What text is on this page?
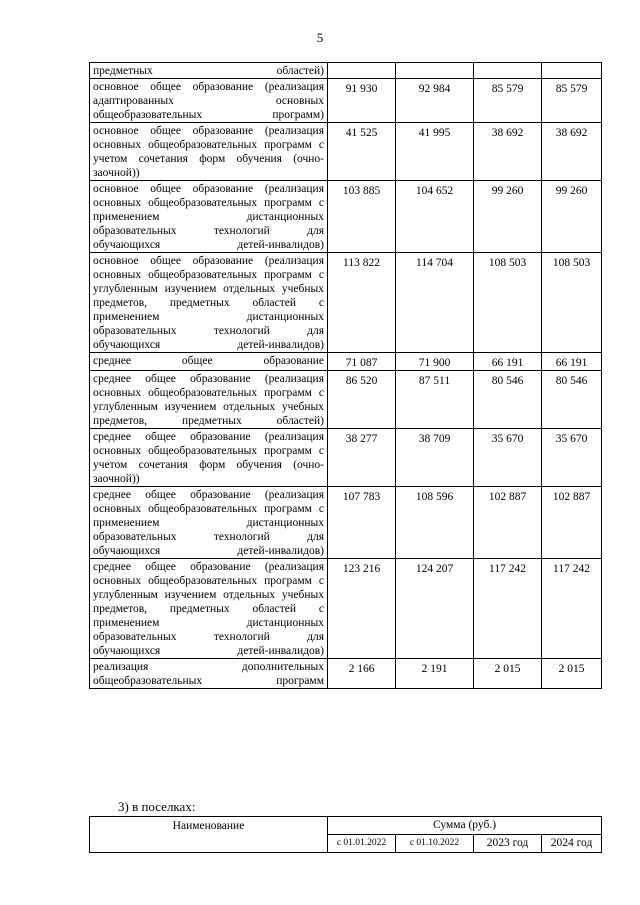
5
предметных областей)				
основное общее образование (реализация адаптированных основных общеобразовательных программ)	91 930	92 984	85 579	85 579
основное общее образование (реализация основных общеобразовательных программ с учетом сочетания форм обучения (очно-заочной))	41 525	41 995	38 692	38 692
основное общее образование (реализация основных общеобразовательных программ с применением дистанционных образовательных технологий для обучающихся детей-инвалидов)	103 885	104 652	99 260	99 260
основное общее образование (реализация основных общеобразовательных программ с углубленным изучением отдельных учебных предметов, предметных областей с применением дистанционных образовательных технологий для обучающихся детей-инвалидов)	113 822	114 704	108 503	108 503
среднее общее образование	71 087	71 900	66 191	66 191
среднее общее образование (реализация основных общеобразовательных программ с углубленным изучением отдельных учебных предметов, предметных областей)	86 520	87 511	80 546	80 546
среднее общее образование (реализация основных общеобразовательных программ с учетом сочетания форм обучения (очно-заочной))	38 277	38 709	35 670	35 670
среднее общее образование (реализация основных общеобразовательных программ с применением дистанционных образовательных технологий для обучающихся детей-инвалидов)	107 783	108 596	102 887	102 887
среднее общее образование (реализация основных общеобразовательных программ с углубленным изучением отдельных учебных предметов, предметных областей с применением дистанционных образовательных технологий для обучающихся детей-инвалидов)	123 216	124 207	117 242	117 242
реализация дополнительных общеобразовательных программ	2 166	2 191	2 015	2 015
3) в поселках:
Наименование	Сумма (руб.)			
	с 01.01.2022	с 01.10.2022	2023 год	2024 год
